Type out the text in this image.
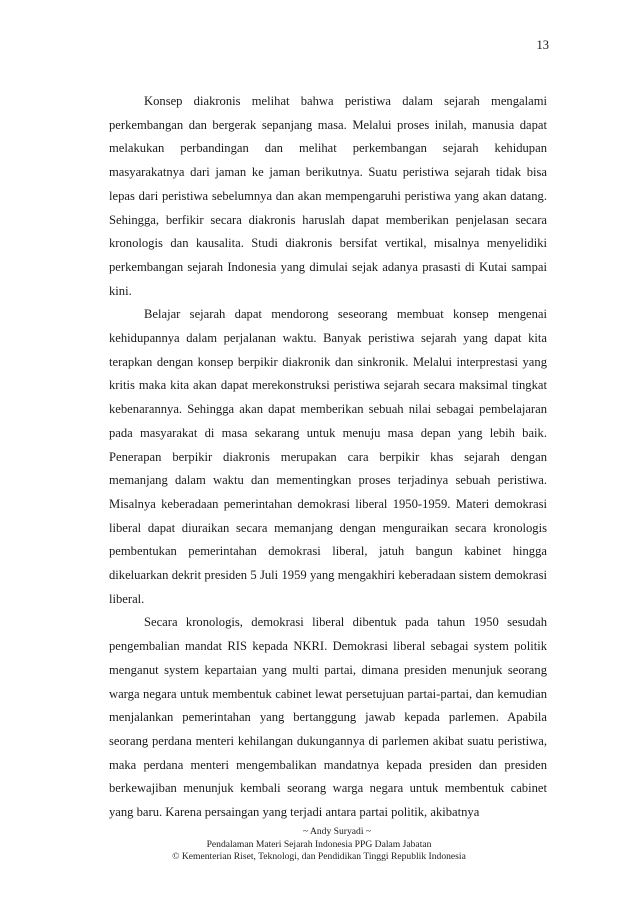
13

Konsep diakronis melihat bahwa peristiwa dalam sejarah mengalami perkembangan dan bergerak sepanjang masa. Melalui proses inilah, manusia dapat melakukan perbandingan dan melihat perkembangan sejarah kehidupan masyarakatnya dari jaman ke jaman berikutnya. Suatu peristiwa sejarah tidak bisa lepas dari peristiwa sebelumnya dan akan mempengaruhi peristiwa yang akan datang. Sehingga, berfikir secara diakronis haruslah dapat memberikan penjelasan secara kronologis dan kausalita. Studi diakronis bersifat vertikal, misalnya menyelidiki perkembangan sejarah Indonesia yang dimulai sejak adanya prasasti di Kutai sampai kini.

Belajar sejarah dapat mendorong seseorang membuat konsep mengenai kehidupannya dalam perjalanan waktu. Banyak peristiwa sejarah yang dapat kita terapkan dengan konsep berpikir diakronik dan sinkronik. Melalui interprestasi yang kritis maka kita akan dapat merekonstruksi peristiwa sejarah secara maksimal tingkat kebenarannya. Sehingga akan dapat memberikan sebuah nilai sebagai pembelajaran pada masyarakat di masa sekarang untuk menuju masa depan yang lebih baik. Penerapan berpikir diakronis merupakan cara berpikir khas sejarah dengan memanjang dalam waktu dan mementingkan proses terjadinya sebuah peristiwa. Misalnya keberadaan pemerintahan demokrasi liberal 1950-1959. Materi demokrasi liberal dapat diuraikan secara memanjang dengan menguraikan secara kronologis pembentukan pemerintahan demokrasi liberal, jatuh bangun kabinet hingga dikeluarkan dekrit presiden 5 Juli 1959 yang mengakhiri keberadaan sistem demokrasi liberal.

Secara kronologis, demokrasi liberal dibentuk pada tahun 1950 sesudah pengembalian mandat RIS kepada NKRI. Demokrasi liberal sebagai system politik menganut system kepartaian yang multi partai, dimana presiden menunjuk seorang warga negara untuk membentuk cabinet lewat persetujuan partai-partai, dan kemudian menjalankan pemerintahan yang bertanggung jawab kepada parlemen. Apabila seorang perdana menteri kehilangan dukungannya di parlemen akibat suatu peristiwa, maka perdana menteri mengembalikan mandatnya kepada presiden dan presiden berkewajiban menunjuk kembali seorang warga negara untuk membentuk cabinet yang baru. Karena persaingan yang terjadi antara partai politik, akibatnya

~ Andy Suryadi ~
Pendalaman Materi Sejarah Indonesia PPG Dalam Jabatan
© Kementerian Riset, Teknologi, dan Pendidikan Tinggi Republik Indonesia
